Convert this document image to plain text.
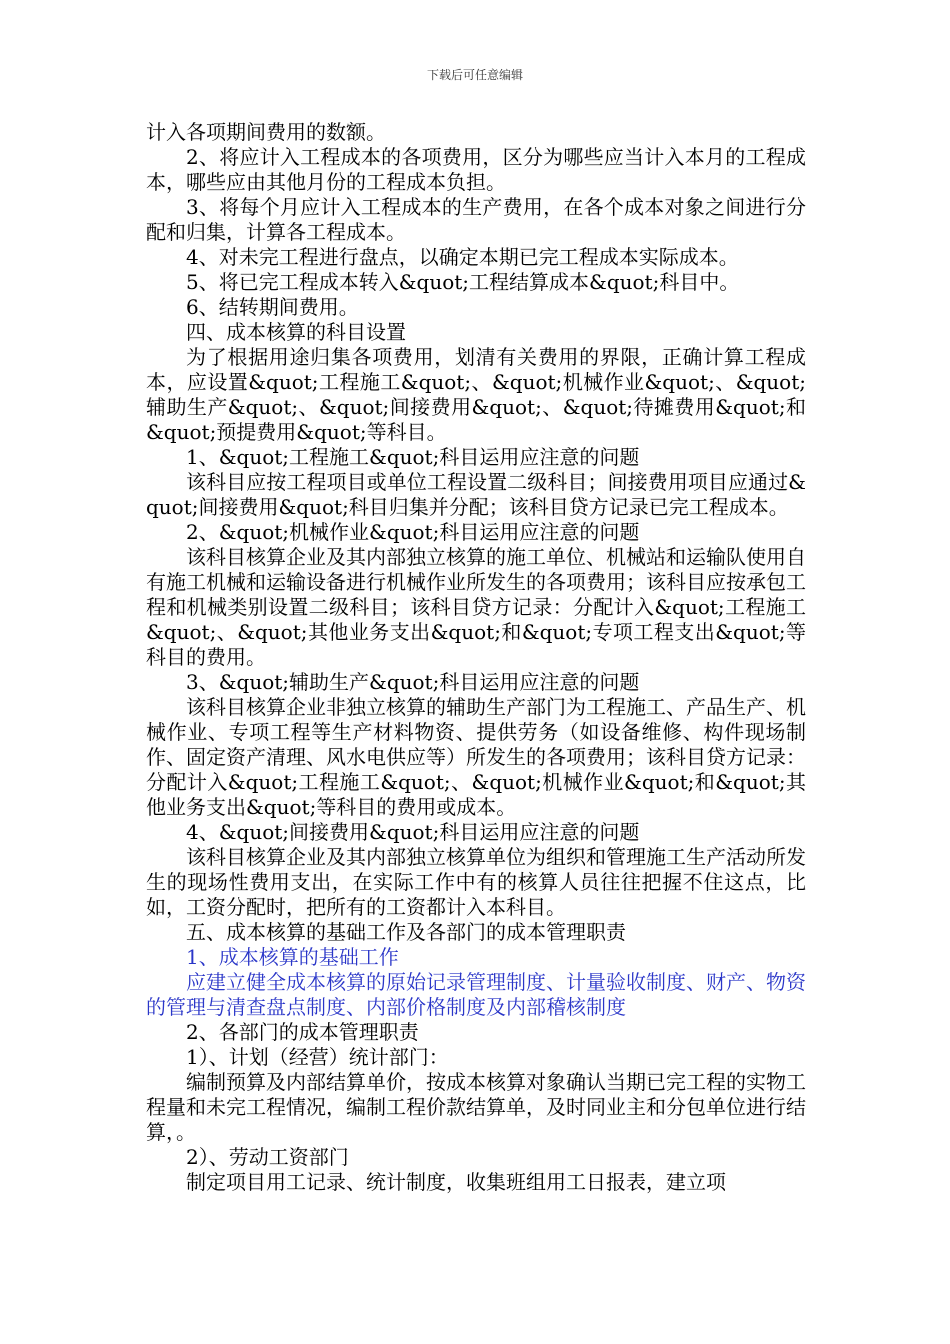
下载后可任意编辑

计入各项期间费用的数额。

2、将应计入工程成本的各项费用，区分为哪些应当计入本月的工程成本，哪些应由其他月份的工程成本负担。

3、将每个月应计入工程成本的生产费用，在各个成本对象之间进行分配和归集，计算各工程成本。

4、对未完工程进行盘点，以确定本期已完工程成本实际成本。

5、将已完工程成本转入&quot;工程结算成本&quot;科目中。

6、结转期间费用。

四、成本核算的科目设置

为了根据用途归集各项费用，划清有关费用的界限，正确计算工程成本，应设置&quot;工程施工&quot;、&quot;机械作业&quot;、&quot;辅助生产&quot;、&quot;间接费用&quot;、&quot;待摊费用&quot;和&quot;预提费用&quot;等科目。

1、&quot;工程施工&quot;科目运用应注意的问题

该科目应按工程项目或单位工程设置二级科目；间接费用项目应通过&quot;间接费用&quot;科目归集并分配；该科目贷方记录已完工程成本。

2、&quot;机械作业&quot;科目运用应注意的问题

该科目核算企业及其内部独立核算的施工单位、机械站和运输队使用自有施工机械和运输设备进行机械作业所发生的各项费用；该科目应按承包工程和机械类别设置二级科目；该科目贷方记录：分配计入&quot;工程施工&quot;、&quot;其他业务支出&quot;和&quot;专项工程支出&quot;等科目的费用。

3、&quot;辅助生产&quot;科目运用应注意的问题

该科目核算企业非独立核算的辅助生产部门为工程施工、产品生产、机械作业、专项工程等生产材料物资、提供劳务（如设备维修、构件现场制作、固定资产清理、风水电供应等）所发生的各项费用；该科目贷方记录：分配计入&quot;工程施工&quot;、&quot;机械作业&quot;和&quot;其他业务支出&quot;等科目的费用或成本。

4、&quot;间接费用&quot;科目运用应注意的问题

该科目核算企业及其内部独立核算单位为组织和管理施工生产活动所发生的现场性费用支出，在实际工作中有的核算人员往往把握不住这点，比如，工资分配时，把所有的工资都计入本科目。

五、成本核算的基础工作及各部门的成本管理职责

1、成本核算的基础工作

应建立健全成本核算的原始记录管理制度、计量验收制度、财产、物资的管理与清查盘点制度、内部价格制度及内部稽核制度

2、各部门的成本管理职责

1）、计划（经营）统计部门：

编制预算及内部结算单价，按成本核算对象确认当期已完工程的实物工程量和未完工程情况，编制工程价款结算单，及时同业主和分包单位进行结算，。

2）、劳动工资部门

制定项目用工记录、统计制度，收集班组用工日报表，建立项
